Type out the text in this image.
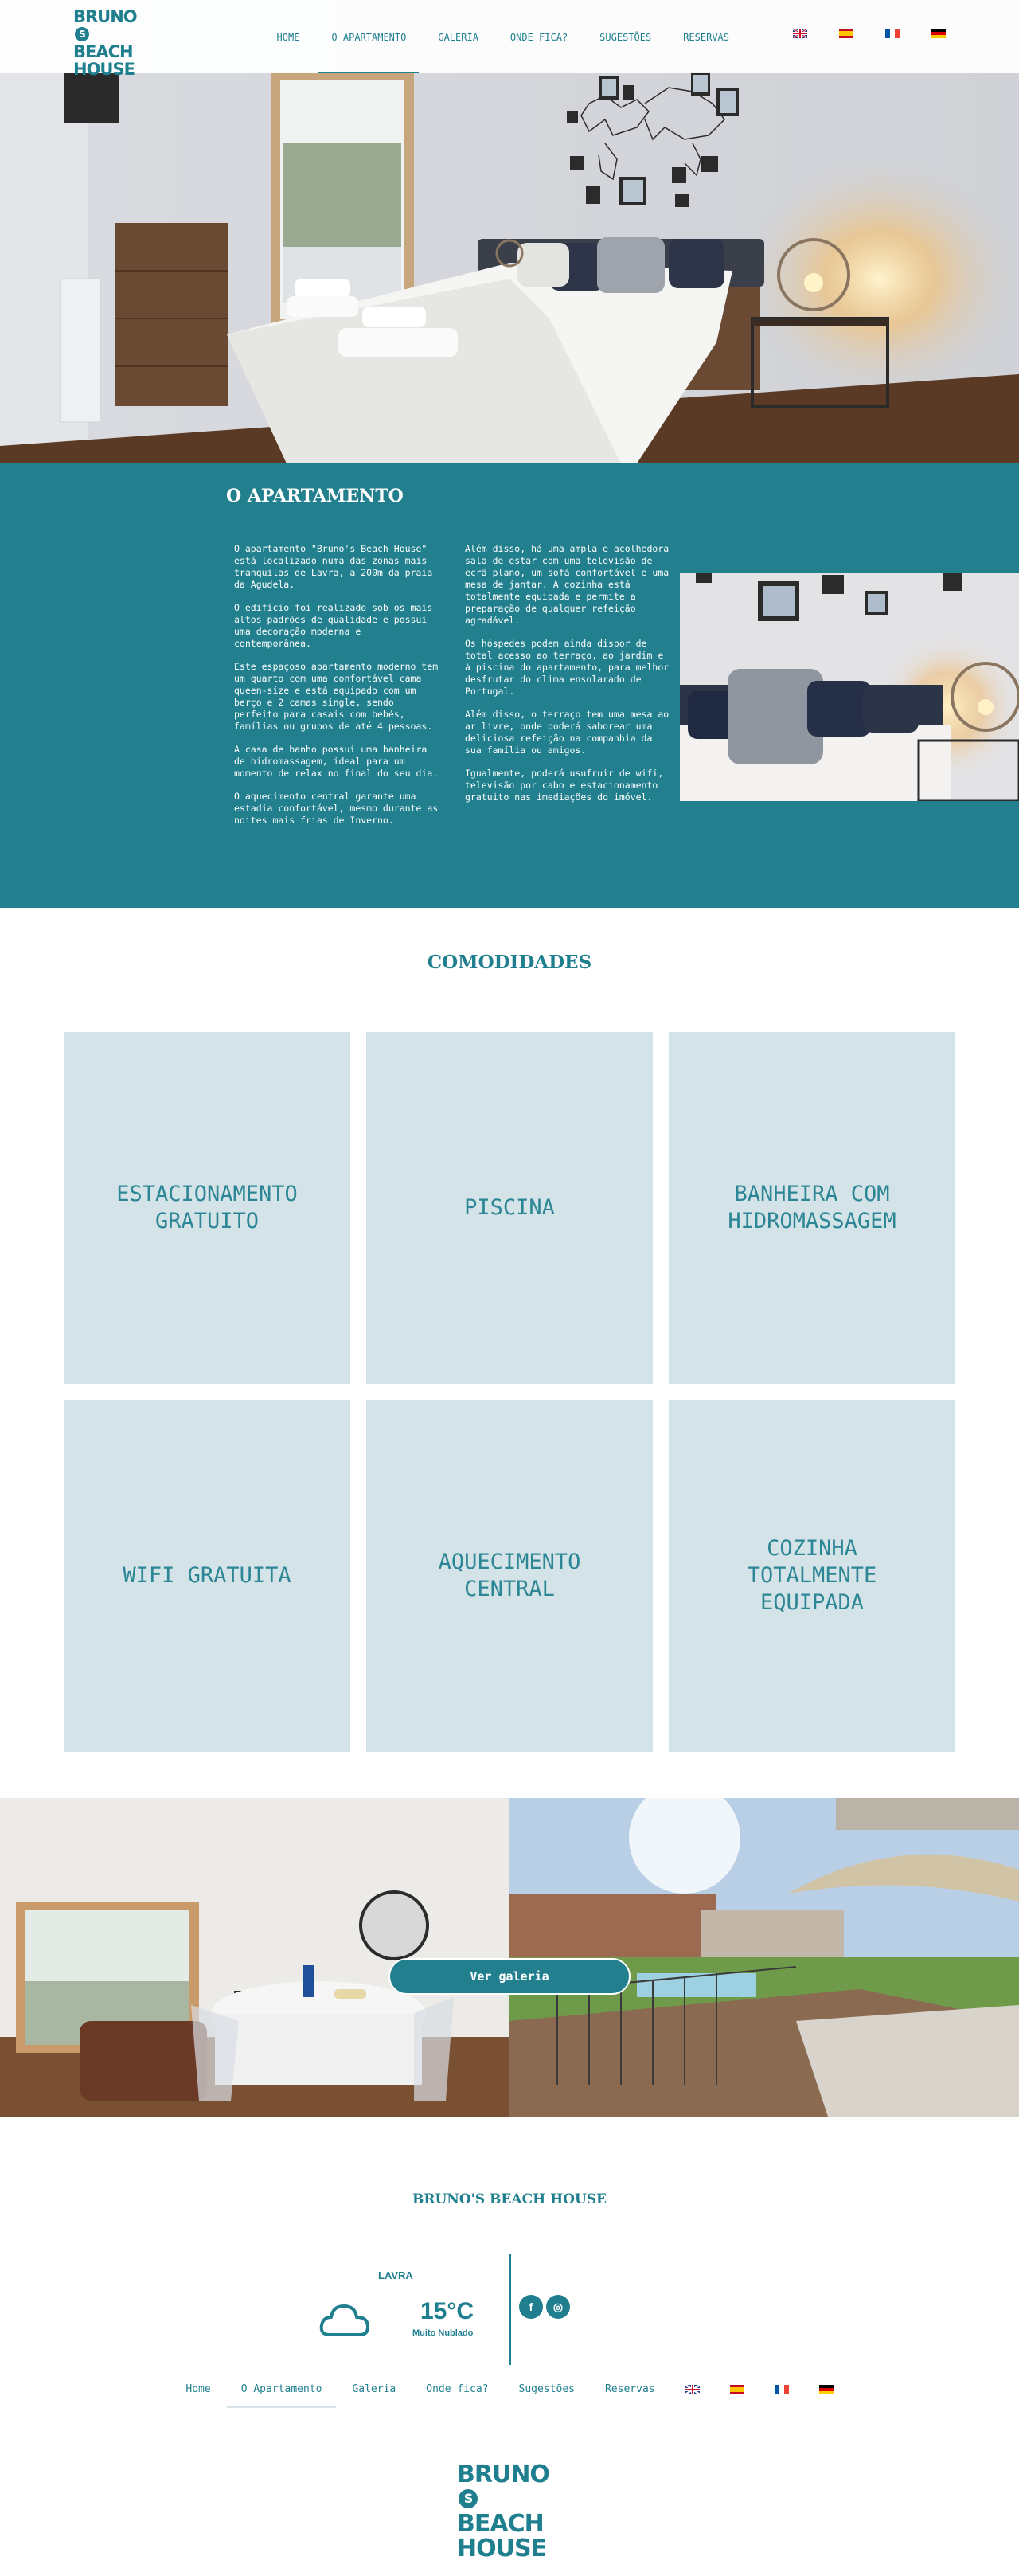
BRUNOS
BEACH
HOUSE
HOME	O APARTAMENTO	GALERIA	ONDE FICA?	SUGESTÕES	RESERVAS
O APARTAMENTO

O apartamento "Bruno's Beach House" está localizado numa das zonas mais tranquilas de Lavra, a 200m da praia da Agudela.

O edifício foi realizado sob os mais altos padrões de qualidade e possui uma decoração moderna e contemporânea.

Este espaçoso apartamento moderno tem um quarto com uma confortável cama queen-size e está equipado com um berço e 2 camas single, sendo perfeito para casais com bebés, famílias ou grupos de até 4 pessoas.

A casa de banho possui uma banheira de hidromassagem, ideal para um momento de relax no final do seu dia.

O aquecimento central garante uma estadia confortável, mesmo durante as noites mais frias de Inverno.

Além disso, há uma ampla e acolhedora sala de estar com uma televisão de ecrã plano, um sofá confortável e uma mesa de jantar. A cozinha está totalmente equipada e permite a preparação de qualquer refeição agradável.

Os hóspedes podem ainda dispor de total acesso ao terraço, ao jardim e à piscina do apartamento, para melhor desfrutar do clima ensolarado de Portugal.

Além disso, o terraço tem uma mesa ao ar livre, onde poderá saborear uma deliciosa refeição na companhia da sua família ou amigos.

Igualmente, poderá usufruir de wifi, televisão por cabo e estacionamento gratuito nas imediações do imóvel.

COMODIDADES
ESTACIONAMENTO GRATUITO
PISCINA
BANHEIRA COM HIDROMASSAGEM
WIFI GRATUITA
AQUECIMENTO CENTRAL
COZINHA TOTALMENTE EQUIPADA
Ver galeria
BRUNO'S BEACH HOUSE
LAVRA
15°C
Muito Nublado
f	◎
Home	O Apartamento	Galeria	Onde fica?	Sugestões	Reservas
BRUNOS
BEACH
HOUSE
